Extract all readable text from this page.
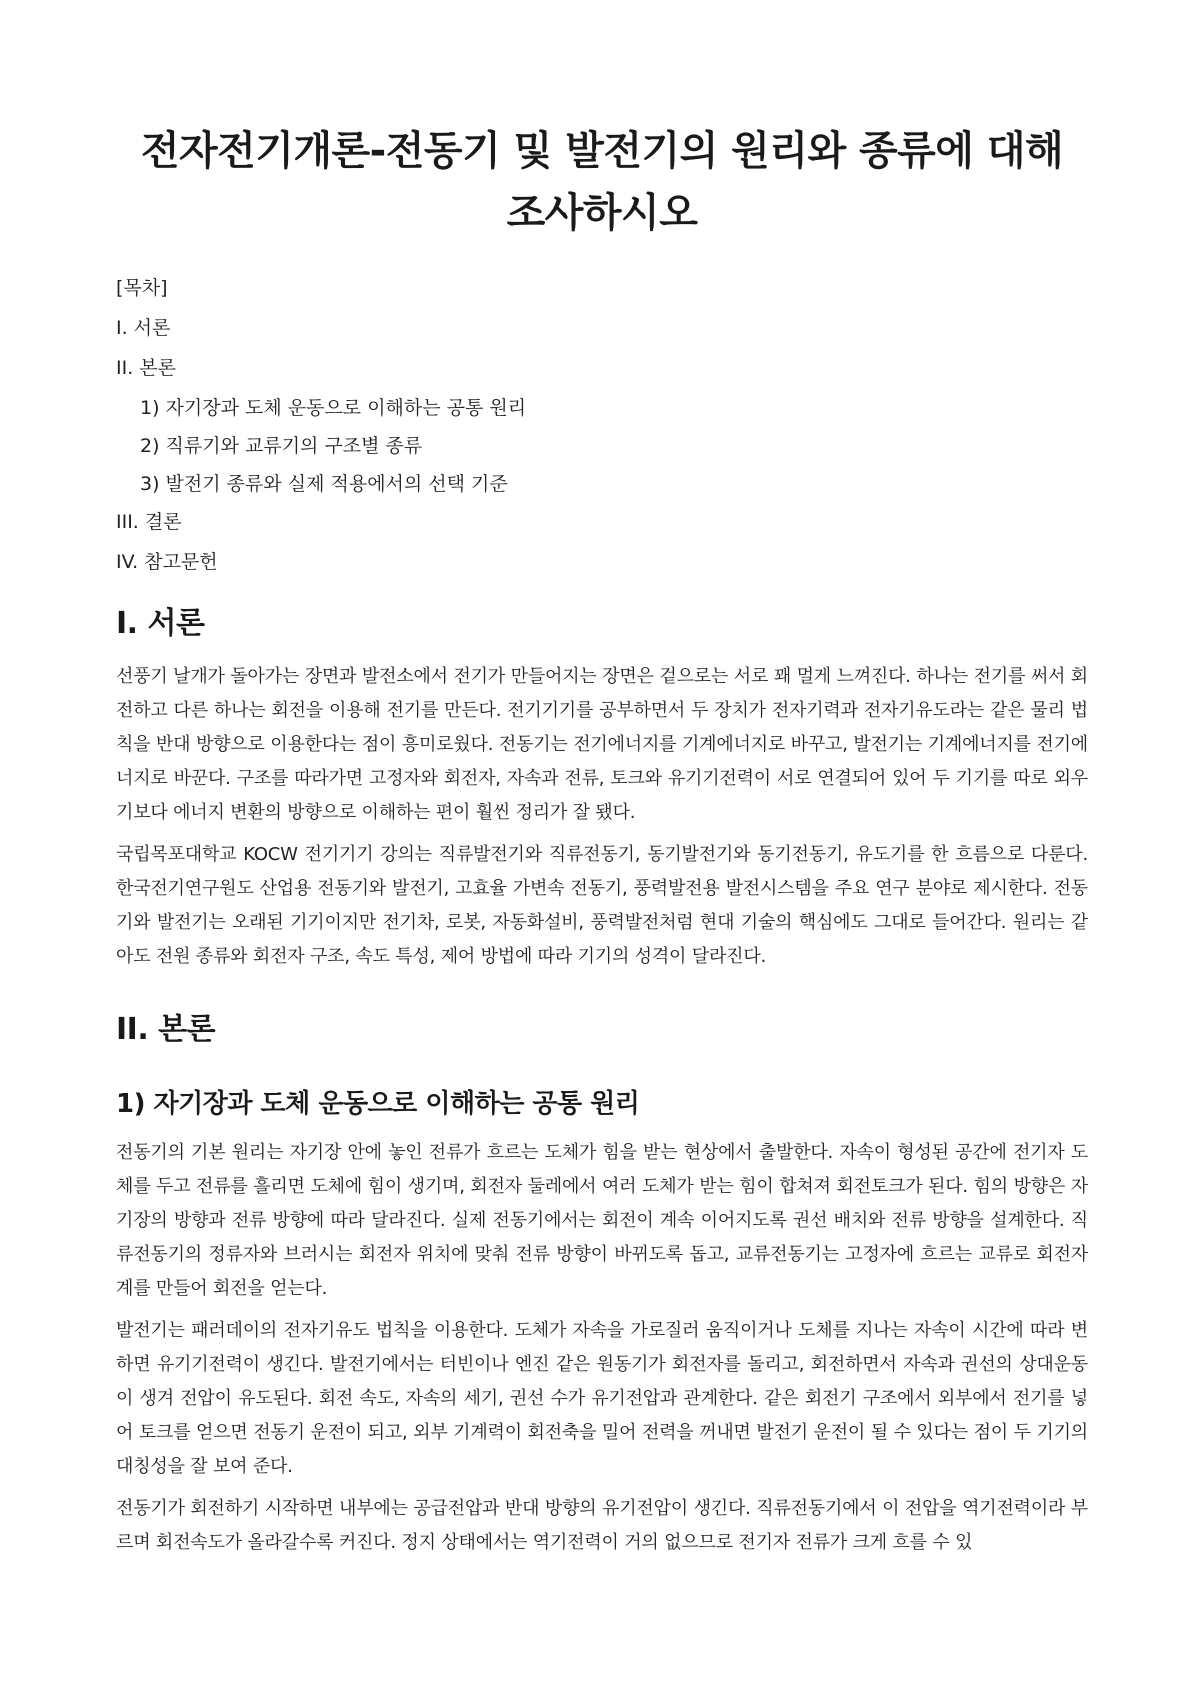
전자전기개론-전동기 및 발전기의 원리와 종류에 대해 조사하시오
[목차]
I. 서론
II. 본론
1) 자기장과 도체 운동으로 이해하는 공통 원리
2) 직류기와 교류기의 구조별 종류
3) 발전기 종류와 실제 적용에서의 선택 기준
III. 결론
IV. 참고문헌
I. 서론

선풍기 날개가 돌아가는 장면과 발전소에서 전기가 만들어지는 장면은 겉으로는 서로 꽤 멀게 느껴진다. 하나는 전기를 써서 회전하고 다른 하나는 회전을 이용해 전기를 만든다. 전기기기를 공부하면서 두 장치가 전자기력과 전자기유도라는 같은 물리 법칙을 반대 방향으로 이용한다는 점이 흥미로웠다. 전동기는 전기에너지를 기계에너지로 바꾸고, 발전기는 기계에너지를 전기에너지로 바꾼다. 구조를 따라가면 고정자와 회전자, 자속과 전류, 토크와 유기기전력이 서로 연결되어 있어 두 기기를 따로 외우기보다 에너지 변환의 방향으로 이해하는 편이 훨씬 정리가 잘 됐다.

국립목포대학교 KOCW 전기기기 강의는 직류발전기와 직류전동기, 동기발전기와 동기전동기, 유도기를 한 흐름으로 다룬다. 한국전기연구원도 산업용 전동기와 발전기, 고효율 가변속 전동기, 풍력발전용 발전시스템을 주요 연구 분야로 제시한다. 전동기와 발전기는 오래된 기기이지만 전기차, 로봇, 자동화설비, 풍력발전처럼 현대 기술의 핵심에도 그대로 들어간다. 원리는 같아도 전원 종류와 회전자 구조, 속도 특성, 제어 방법에 따라 기기의 성격이 달라진다.

II. 본론
1) 자기장과 도체 운동으로 이해하는 공통 원리

전동기의 기본 원리는 자기장 안에 놓인 전류가 흐르는 도체가 힘을 받는 현상에서 출발한다. 자속이 형성된 공간에 전기자 도체를 두고 전류를 흘리면 도체에 힘이 생기며, 회전자 둘레에서 여러 도체가 받는 힘이 합쳐져 회전토크가 된다. 힘의 방향은 자기장의 방향과 전류 방향에 따라 달라진다. 실제 전동기에서는 회전이 계속 이어지도록 권선 배치와 전류 방향을 설계한다. 직류전동기의 정류자와 브러시는 회전자 위치에 맞춰 전류 방향이 바뀌도록 돕고, 교류전동기는 고정자에 흐르는 교류로 회전자계를 만들어 회전을 얻는다.

발전기는 패러데이의 전자기유도 법칙을 이용한다. 도체가 자속을 가로질러 움직이거나 도체를 지나는 자속이 시간에 따라 변하면 유기기전력이 생긴다. 발전기에서는 터빈이나 엔진 같은 원동기가 회전자를 돌리고, 회전하면서 자속과 권선의 상대운동이 생겨 전압이 유도된다. 회전 속도, 자속의 세기, 권선 수가 유기전압과 관계한다. 같은 회전기 구조에서 외부에서 전기를 넣어 토크를 얻으면 전동기 운전이 되고, 외부 기계력이 회전축을 밀어 전력을 꺼내면 발전기 운전이 될 수 있다는 점이 두 기기의 대칭성을 잘 보여 준다.

전동기가 회전하기 시작하면 내부에는 공급전압과 반대 방향의 유기전압이 생긴다. 직류전동기에서 이 전압을 역기전력이라 부르며 회전속도가 올라갈수록 커진다. 정지 상태에서는 역기전력이 거의 없으므로 전기자 전류가 크게 흐를 수 있
